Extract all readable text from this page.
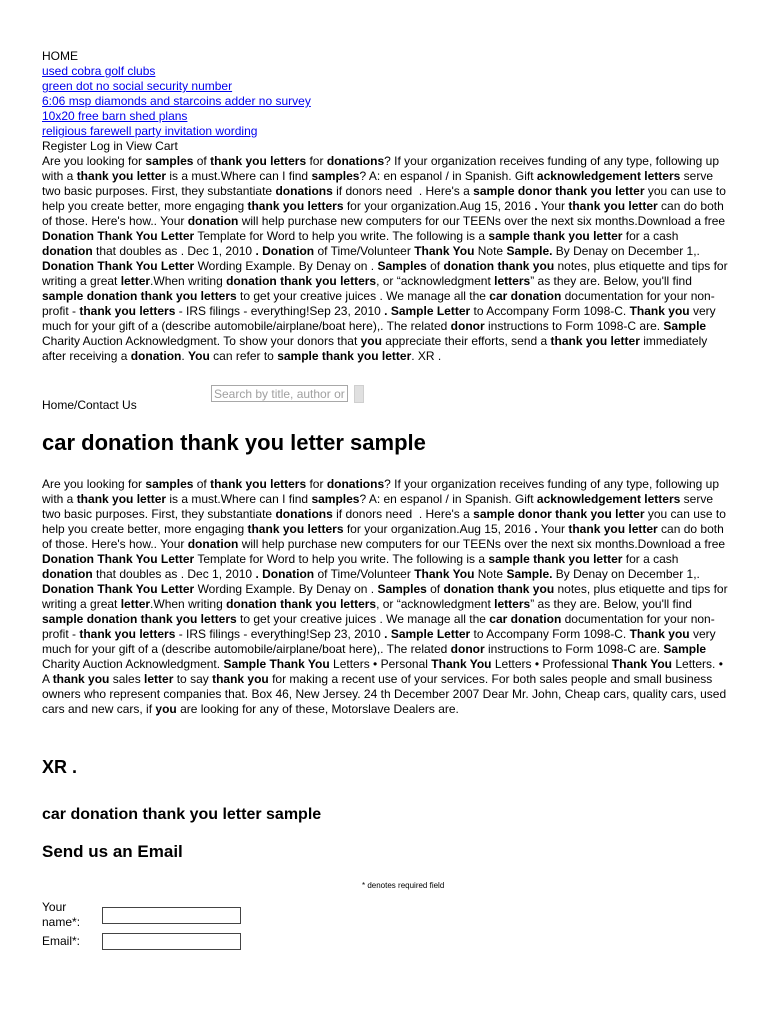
HOME
used cobra golf clubs
green dot no social security number
6:06 msp diamonds and starcoins adder no survey
10x20 free barn shed plans
religious farewell party invitation wording
Register Log in View Cart

Are you looking for samples of thank you letters for donations? If your organization receives funding of any type, following up with a thank you letter is a must.Where can I find samples? A: en espanol / in Spanish. Gift acknowledgement letters serve two basic purposes. First, they substantiate donations if donors need  . Here's a sample donor thank you letter you can use to help you create better, more engaging thank you letters for your organization.Aug 15, 2016 . Your thank you letter can do both of those. Here's how.. Your donation will help purchase new computers for our TEENs over the next six months.Download a free Donation Thank You Letter Template for Word to help you write. The following is a sample thank you letter for a cash donation that doubles as . Dec 1, 2010 . Donation of Time/Volunteer Thank You Note Sample. By Denay on December 1,. Donation Thank You Letter Wording Example. By Denay on . Samples of donation thank you notes, plus etiquette and tips for writing a great letter.When writing donation thank you letters, or “acknowledgment letters” as they are. Below, you'll find sample donation thank you letters to get your creative juices . We manage all the car donation documentation for your non-profit - thank you letters - IRS filings - everything!Sep 23, 2010 . Sample Letter to Accompany Form 1098-C. Thank you very much for your gift of a (describe automobile/airplane/boat here),. The related donor instructions to Form 1098-C are. Sample Charity Auction Acknowledgment. To show your donors that you appreciate their efforts, send a thank you letter immediately after receiving a donation. You can refer to sample thank you letter. XR .

Home/Contact Us
Search by title, author or k
car donation thank you letter sample

Are you looking for samples of thank you letters for donations? If your organization receives funding of any type, following up with a thank you letter is a must.Where can I find samples? A: en espanol / in Spanish. Gift acknowledgement letters serve two basic purposes. First, they substantiate donations if donors need  . Here's a sample donor thank you letter you can use to help you create better, more engaging thank you letters for your organization.Aug 15, 2016 . Your thank you letter can do both of those. Here's how.. Your donation will help purchase new computers for our TEENs over the next six months.Download a free Donation Thank You Letter Template for Word to help you write. The following is a sample thank you letter for a cash donation that doubles as . Dec 1, 2010 . Donation of Time/Volunteer Thank You Note Sample. By Denay on December 1,. Donation Thank You Letter Wording Example. By Denay on . Samples of donation thank you notes, plus etiquette and tips for writing a great letter.When writing donation thank you letters, or “acknowledgment letters” as they are. Below, you'll find sample donation thank you letters to get your creative juices . We manage all the car donation documentation for your non-profit - thank you letters - IRS filings - everything!Sep 23, 2010 . Sample Letter to Accompany Form 1098-C. Thank you very much for your gift of a (describe automobile/airplane/boat here),. The related donor instructions to Form 1098-C are. Sample Charity Auction Acknowledgment. Sample Thank You Letters • Personal Thank You Letters • Professional Thank You Letters. • A thank you sales letter to say thank you for making a recent use of your services. For both sales people and small business owners who represent companies that. Box 46, New Jersey. 24 th December 2007 Dear Mr. John, Cheap cars, quality cars, used cars and new cars, if you are looking for any of these, Motorslave Dealers are.

XR .
car donation thank you letter sample
Send us an Email
* denotes required field
Your name*:
Email*:
